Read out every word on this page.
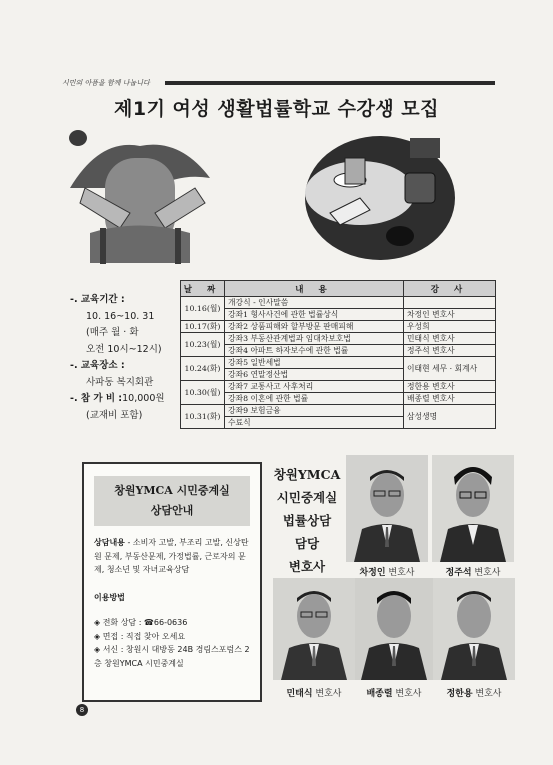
시민의 아픔을 함께 나눕니다
제1기 여성 생활법률학교 수강생 모집
-. 교육기간 :
10. 16~10. 31
(매주 월 · 화
오전 10시~12시)
-. 교육장소 :
사파동 복지회관
-. 참 가 비 :10,000원
(교재비 포함)
날 짜	내 용	강 사
10.16(월)	개강식 - 인사말씀	
	강좌1 형사사건에 관한 법률상식	차정인 변호사
10.17(화)	강좌2 상품피해와 할부방문 판매피해	우성희
10.23(월)	강좌3 부동산관계법과 임대차보호법	민태식 변호사
	강좌4 아파트 하자보수에 관한 법률	정주석 변호사
10.24(화)	강좌5 일반세법	이태현 세무 · 회계사
	강좌6 연말정산법	
10.30(월)	강좌7 교통사고 사후처리	정한용 변호사
	강좌8 이혼에 관한 법률	배종렬 변호사
10.31(화)	강좌9 보험금융	삼성생명
	수료식	
창원YMCA 시민중계실
상담안내
상담내용 - 소비자 고발, 부조리 고발, 신상탄원 문제, 부동산문제, 가정법률, 근로자의 문제, 청소년 및 자녀교육상담
이용방법
◈ 전화 상담 : ☎66-0636
◈ 면접 : 직접 찾아 오세요
◈ 서신 : 창원시 대방동 24B 경림스포럼스 2층 창원YMCA 시민중계실
창원YMCA
시민중계실
법률상담
담당
변호사	차정인 변호사	정주석 변호사
민태식 변호사	배종렬 변호사	정한용 변호사
8
